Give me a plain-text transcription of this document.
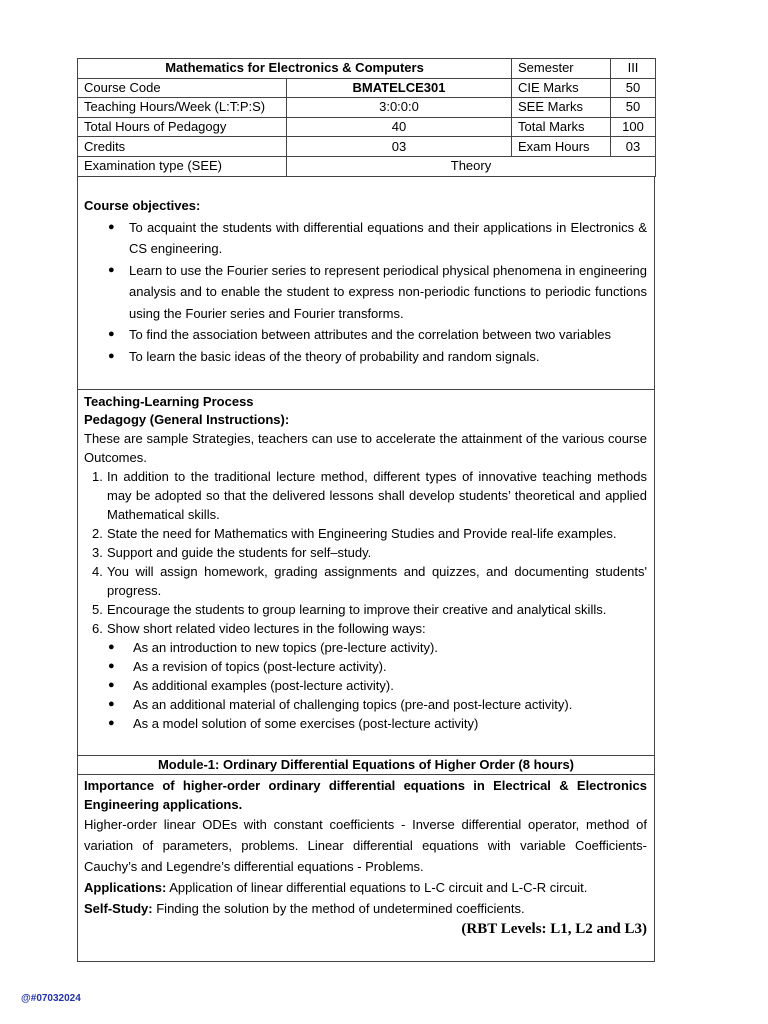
Mathematics for Electronics & Computers		Semester	III
Course Code	BMATELCE301	CIE Marks	50
Teaching Hours/Week (L:T:P:S)	3:0:0:0	SEE Marks	50
Total Hours of Pedagogy	40	Total Marks	100
Credits	03	Exam Hours	03
Examination type (SEE)	Theory		
Course objectives:
● To acquaint the students with differential equations and their applications in Electronics & CS engineering.
● Learn to use the Fourier series to represent periodical physical phenomena in engineering analysis and to enable the student to express non-periodic functions to periodic functions using the Fourier series and Fourier transforms.
● To find the association between attributes and the correlation between two variables
● To learn the basic ideas of the theory of probability and random signals.
Teaching-Learning Process
Pedagogy (General Instructions):
These are sample Strategies, teachers can use to accelerate the attainment of the various course Outcomes.
1. In addition to the traditional lecture method, different types of innovative teaching methods may be adopted so that the delivered lessons shall develop students’ theoretical and applied Mathematical skills.
2. State the need for Mathematics with Engineering Studies and Provide real-life examples.
3. Support and guide the students for self–study.
4. You will assign homework, grading assignments and quizzes, and documenting students' progress.
5. Encourage the students to group learning to improve their creative and analytical skills.
6. Show short related video lectures in the following ways:
● As an introduction to new topics (pre-lecture activity).
● As a revision of topics (post-lecture activity).
● As additional examples (post-lecture activity).
● As an additional material of challenging topics (pre-and post-lecture activity).
● As a model solution of some exercises (post-lecture activity)
Module-1: Ordinary Differential Equations of Higher Order (8 hours)
Importance of higher-order ordinary differential equations in Electrical & Electronics Engineering applications.
Higher-order linear ODEs with constant coefficients - Inverse differential operator, method of variation of parameters, problems. Linear differential equations with variable Coefficients- Cauchy’s and Legendre’s differential equations - Problems.
Applications: Application of linear differential equations to L-C circuit and L-C-R circuit.
Self-Study: Finding the solution by the method of undetermined coefficients.
(RBT Levels: L1, L2 and L3)
@#07032024
